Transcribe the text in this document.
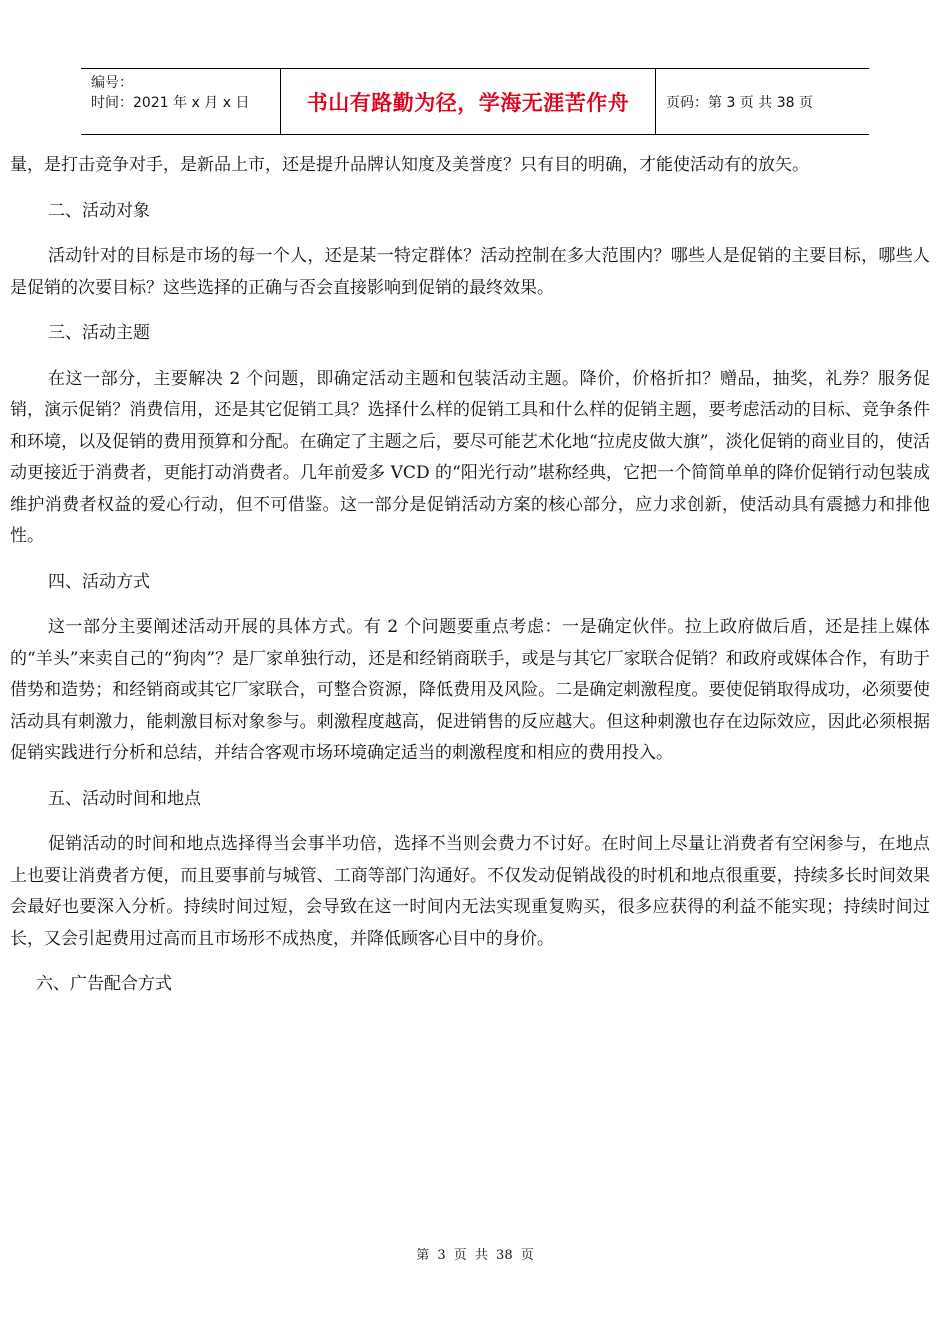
编号：
时间：2021 年 x 月 x 日	书山有路勤为径，学海无涯苦作舟	页码：第 3 页 共 38 页

量，是打击竞争对手，是新品上市，还是提升品牌认知度及美誉度？只有目的明确，才能使活动有的放矢。

二、活动对象

活动针对的目标是市场的每一个人，还是某一特定群体？活动控制在多大范围内？哪些人是促销的主要目标，哪些人是促销的次要目标？这些选择的正确与否会直接影响到促销的最终效果。

三、活动主题

在这一部分，主要解决 2 个问题，即确定活动主题和包装活动主题。降价，价格折扣？赠品，抽奖，礼券？服务促销，演示促销？消费信用，还是其它促销工具？选择什么样的促销工具和什么样的促销主题，要考虑活动的目标、竞争条件和环境，以及促销的费用预算和分配。在确定了主题之后，要尽可能艺术化地“拉虎皮做大旗”，淡化促销的商业目的，使活动更接近于消费者，更能打动消费者。几年前爱多 VCD 的“阳光行动”堪称经典，它把一个简简单单的降价促销行动包装成维护消费者权益的爱心行动，但不可借鉴。这一部分是促销活动方案的核心部分，应力求创新，使活动具有震撼力和排他性。

四、活动方式

这一部分主要阐述活动开展的具体方式。有 2 个问题要重点考虑：一是确定伙伴。拉上政府做后盾，还是挂上媒体的“羊头”来卖自己的“狗肉”？是厂家单独行动，还是和经销商联手，或是与其它厂家联合促销？和政府或媒体合作，有助于借势和造势；和经销商或其它厂家联合，可整合资源，降低费用及风险。二是确定刺激程度。要使促销取得成功，必须要使活动具有刺激力，能刺激目标对象参与。刺激程度越高，促进销售的反应越大。但这种刺激也存在边际效应，因此必须根据促销实践进行分析和总结，并结合客观市场环境确定适当的刺激程度和相应的费用投入。

五、活动时间和地点

促销活动的时间和地点选择得当会事半功倍，选择不当则会费力不讨好。在时间上尽量让消费者有空闲参与，在地点上也要让消费者方便，而且要事前与城管、工商等部门沟通好。不仅发动促销战役的时机和地点很重要，持续多长时间效果会最好也要深入分析。持续时间过短，会导致在这一时间内无法实现重复购买，很多应获得的利益不能实现；持续时间过长，又会引起费用过高而且市场形不成热度，并降低顾客心目中的身价。

六、广告配合方式

第 3 页 共 38 页
